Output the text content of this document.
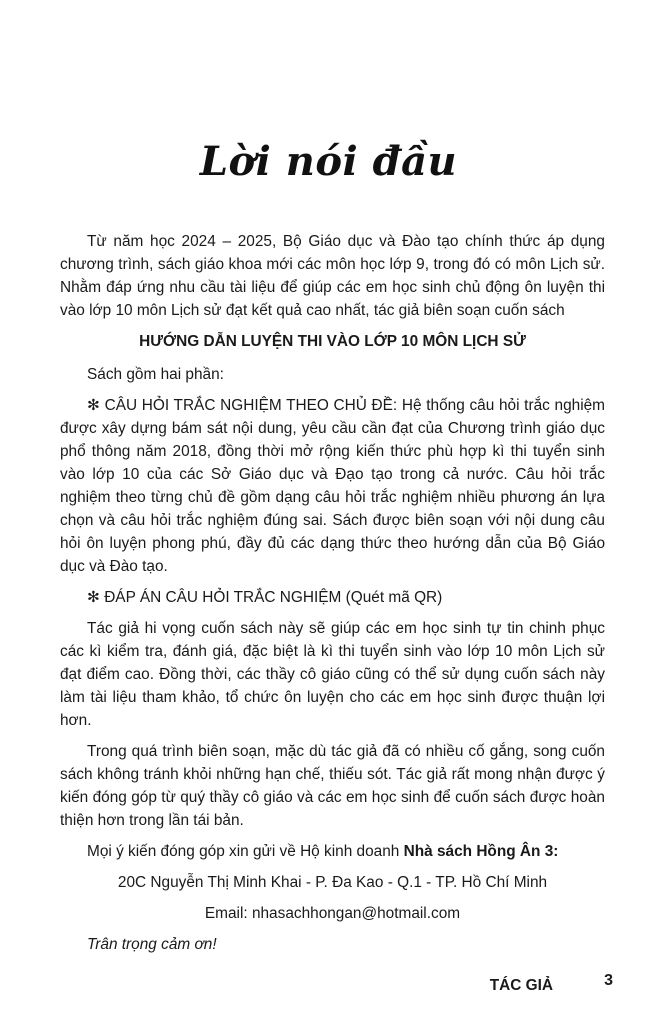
Lời nói đầu

Từ năm học 2024 – 2025, Bộ Giáo dục và Đào tạo chính thức áp dụng chương trình, sách giáo khoa mới các môn học lớp 9, trong đó có môn Lịch sử. Nhằm đáp ứng nhu cầu tài liệu để giúp các em học sinh chủ động ôn luyện thi vào lớp 10 môn Lịch sử đạt kết quả cao nhất, tác giả biên soạn cuốn sách

HƯỚNG DẪN LUYỆN THI VÀO LỚP 10 MÔN LỊCH SỬ

Sách gồm hai phần:

✻ CÂU HỎI TRẮC NGHIỆM THEO CHỦ ĐỀ: Hệ thống câu hỏi trắc nghiệm được xây dựng bám sát nội dung, yêu cầu cần đạt của Chương trình giáo dục phổ thông năm 2018, đồng thời mở rộng kiến thức phù hợp kì thi tuyển sinh vào lớp 10 của các Sở Giáo dục và Đạo tạo trong cả nước. Câu hỏi trắc nghiệm theo từng chủ đề gồm dạng câu hỏi trắc nghiệm nhiều phương án lựa chọn và câu hỏi trắc nghiệm đúng sai. Sách được biên soạn với nội dung câu hỏi ôn luyện phong phú, đầy đủ các dạng thức theo hướng dẫn của Bộ Giáo dục và Đào tạo.

✻ ĐÁP ÁN CÂU HỎI TRẮC NGHIỆM (Quét mã QR)

Tác giả hi vọng cuốn sách này sẽ giúp các em học sinh tự tin chinh phục các kì kiểm tra, đánh giá, đặc biệt là kì thi tuyển sinh vào lớp 10 môn Lịch sử đạt điểm cao. Đồng thời, các thầy cô giáo cũng có thể sử dụng cuốn sách này làm tài liệu tham khảo, tổ chức ôn luyện cho các em học sinh được thuận lợi hơn.

Trong quá trình biên soạn, mặc dù tác giả đã có nhiều cố gắng, song cuốn sách không tránh khỏi những hạn chế, thiếu sót. Tác giả rất mong nhận được ý kiến đóng góp từ quý thầy cô giáo và các em học sinh để cuốn sách được hoàn thiện hơn trong lần tái bản.

Mọi ý kiến đóng góp xin gửi về Hộ kinh doanh Nhà sách Hồng Ân 3:

20C Nguyễn Thị Minh Khai - P. Đa Kao - Q.1 - TP. Hồ Chí Minh

Email: nhasachhongan@hotmail.com

Trân trọng cảm ơn!

TÁC GIẢ	3
